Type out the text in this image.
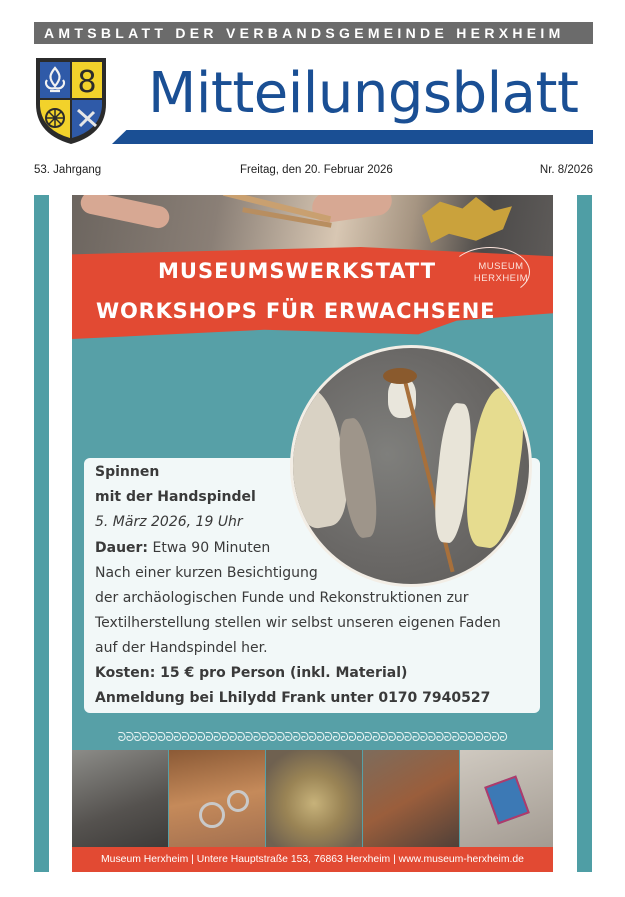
AMTSBLATT DER VERBANDSGEMEINDE HERXHEIM
8 Mitteilungsblatt
53. Jahrgang	Freitag, den 20. Februar 2026	Nr. 8/2026
MUSEUMSWERKSTATT
WORKSHOPS FÜR ERWACHSENE
MUSEUM
HERXHEIM
Spinnen
mit der Handspindel
5. März 2026, 19 Uhr
Dauer: Etwa 90 Minuten
Nach einer kurzen Besichtigung
der archäologischen Funde und Rekonstruktionen zur
Textilherstellung stellen wir selbst unseren eigenen Faden
auf der Handspindel her.
Kosten: 15 € pro Person (inkl. Material)
Anmeldung bei Lhilydd Frank unter 0170 7940527
ᘒᘒᘒᘒᘒᘒᘒᘒᘒᘒᘒᘒᘒᘒᘒᘒᘒᘒᘒᘒᘒᘒᘒᘒᘒᘒᘒᘒᘒᘒᘒᘒᘒᘒᘒᘒᘒᘒᘒᘒᘒᘒᘒᘒᘒᘒᘒᘒᘒ
Museum Herxheim | Untere Hauptstraße 153, 76863 Herxheim | www.museum-herxheim.de
